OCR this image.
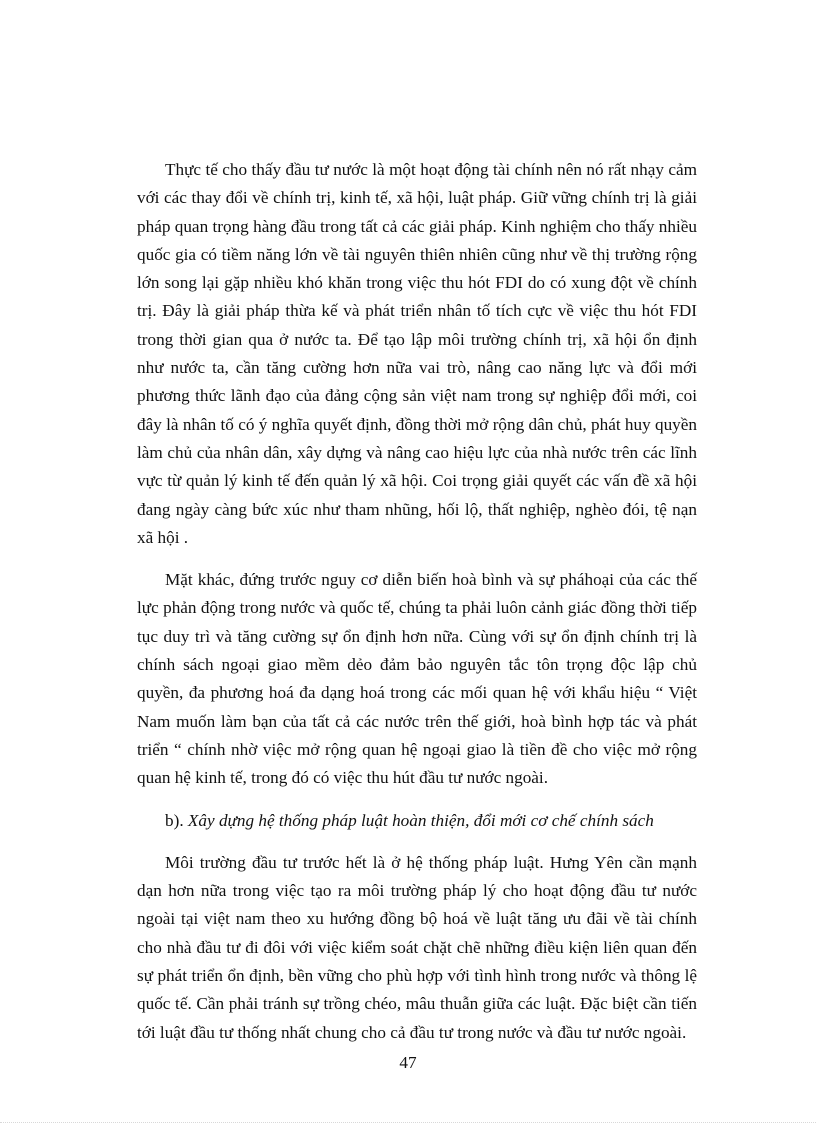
Thực tế cho thấy đầu tư nước là một hoạt động tài chính nên nó rất nhạy cảm với các thay đổi về chính trị, kinh tế, xã hội, luật pháp. Giữ vững chính trị là giải pháp quan trọng hàng đầu trong tất cả các giải pháp. Kinh nghiệm cho thấy nhiều quốc gia có tiềm năng lớn về tài nguyên thiên nhiên cũng như về thị trường rộng lớn song lại gặp nhiều khó khăn trong việc thu hót FDI do có xung đột về chính trị. Đây là giải pháp thừa kế và phát triển nhân tố tích cực về việc thu hót FDI trong thời gian qua ở nước ta. Để tạo lập môi trường chính trị, xã hội ổn định như nước ta, cần tăng cường hơn nữa vai trò, nâng cao năng lực và đổi mới phương thức lãnh đạo của đảng cộng sản việt nam trong sự nghiệp đổi mới, coi đây là nhân tố có ý nghĩa quyết định, đồng thời mở rộng dân chủ, phát huy quyền làm chủ của nhân dân, xây dựng và nâng cao hiệu lực của nhà nước trên các lĩnh vực từ quản lý kinh tế đến quản lý xã hội. Coi trọng giải quyết các vấn đề xã hội đang ngày càng bức xúc như tham nhũng, hối lộ, thất nghiệp, nghèo đói, tệ nạn xã hội .

Mặt khác, đứng trước nguy cơ diễn biến hoà bình và sự pháhoại của các thế lực phản động trong nước và quốc tế, chúng ta phải luôn cảnh giác đồng thời tiếp tục duy trì và tăng cường sự ổn định hơn nữa. Cùng với sự ổn định chính trị là chính sách ngoại giao mềm dẻo đảm bảo nguyên tắc tôn trọng độc lập chủ quyền, đa phương hoá đa dạng hoá trong các mối quan hệ với khẩu hiệu “ Việt Nam muốn làm bạn của tất cả các nước trên thế giới, hoà bình hợp tác và phát triển “ chính nhờ việc mở rộng quan hệ ngoại giao là tiền đề cho việc mở rộng quan hệ kinh tế, trong đó có việc thu hút đầu tư nước ngoài.

b). Xây dựng hệ thống pháp luật hoàn thiện, đổi mới cơ chế chính sách

Môi trường đầu tư trước hết là ở hệ thống pháp luật. Hưng Yên cần mạnh dạn hơn nữa trong việc tạo ra môi trường pháp lý cho hoạt động đầu tư nước ngoài tại việt nam theo xu hướng đồng bộ hoá về luật tăng ưu đãi về tài chính cho nhà đầu tư đi đôi với việc kiểm soát chặt chẽ những điều kiện liên quan đến sự phát triển ổn định, bền vững cho phù hợp với tình hình trong nước và thông lệ quốc tế. Cần phải tránh sự trồng chéo, mâu thuẫn giữa các luật. Đặc biệt cần tiến tới luật đầu tư thống nhất chung cho cả đầu tư trong nước và đầu tư nước ngoài.

47
